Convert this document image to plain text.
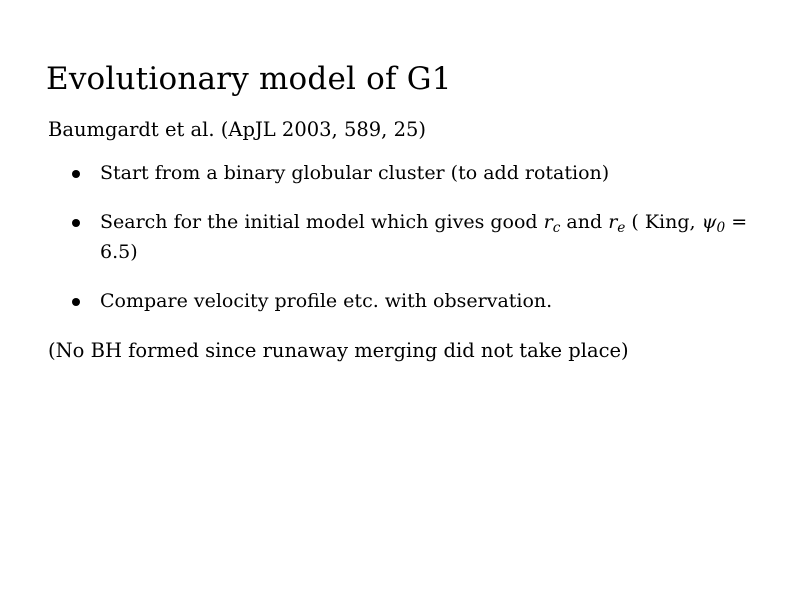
Evolutionary model of G1

Baumgardt et al. (ApJL 2003, 589, 25)

Start from a binary globular cluster (to add rotation)
Search for the initial model which gives good $r_c$ and $r_e$ ( King, $\psi_0 = 6.5$)
Compare velocity profile etc. with observation.

(No BH formed since runaway merging did not take place)
